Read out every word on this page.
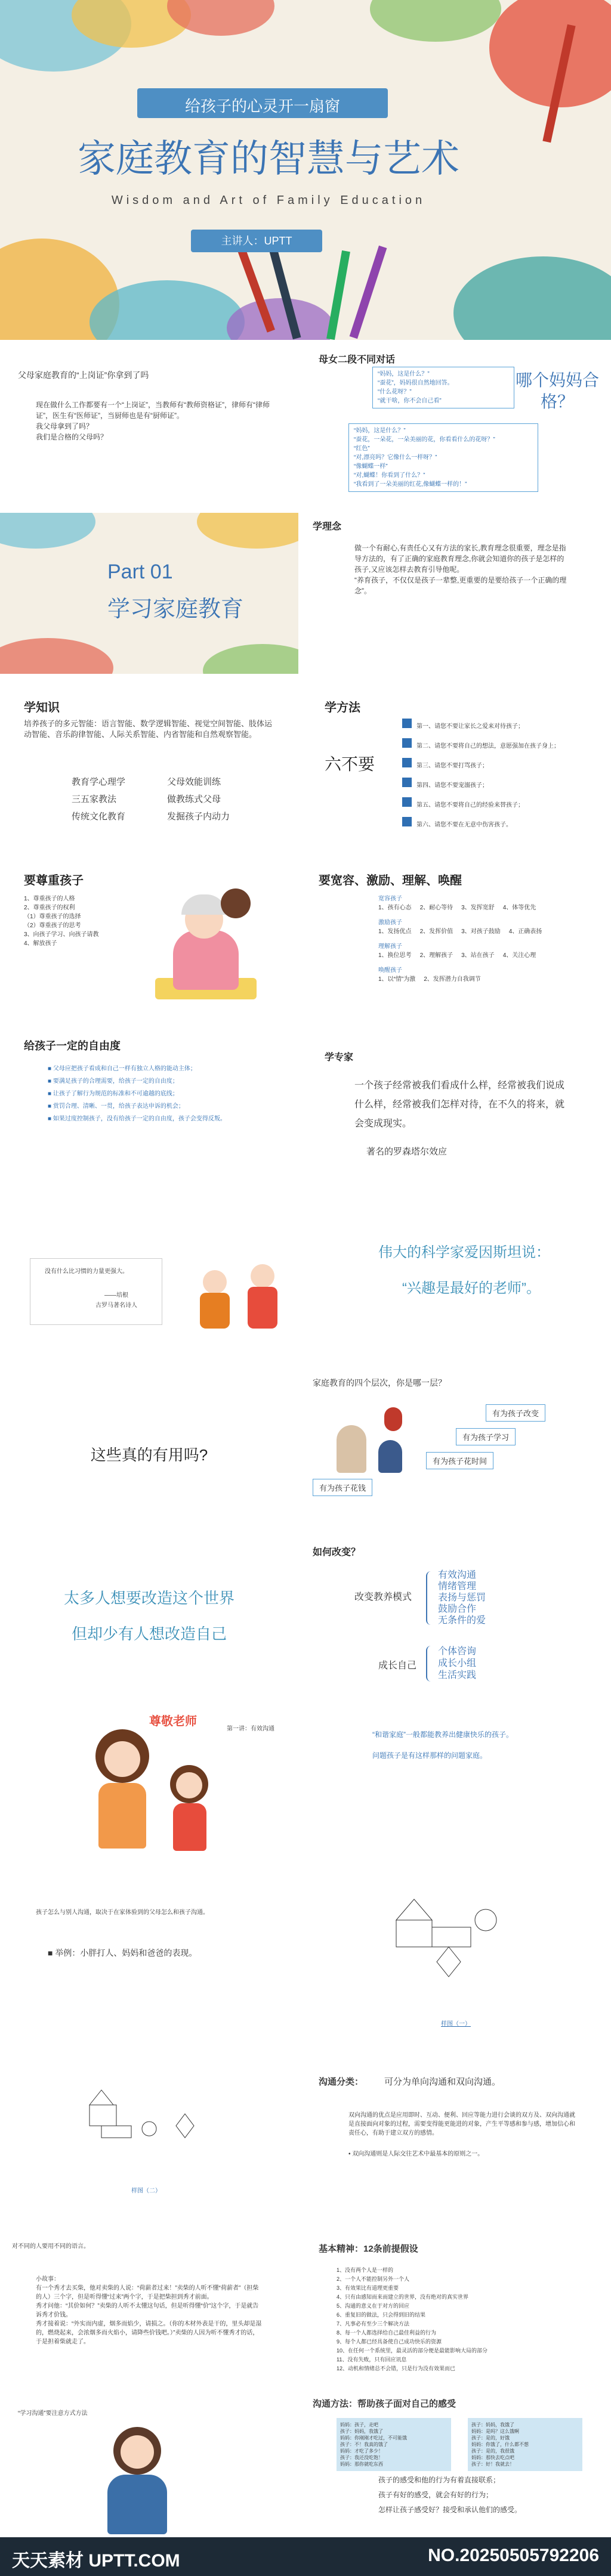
给孩子的心灵开一扇窗
家庭教育的智慧与艺术
Wisdom and Art of Family Education
主讲人：UPTT
父母家庭教育的“上岗证”你拿到了吗
现在做什么工作都要有一个“上岗证”，当教师有“教师资格证”，律师有“律师证”，医生有“医师证”，当厨师也是有“厨师证”。
我父母拿到了吗？
我们是合格的父母吗？
母女二段不同对话
“妈妈，这是什么？”
“蚕花”，妈妈很自然地回答。
“什么花呀？”
“就干啥，你不会自己看”
哪个妈妈合格？
“妈妈，这是什么？”
“蚕花，一朵花，一朵美丽的花，你看看什么的花呀？”
“红色”
“对,漂亮吗？它像什么一样呀？”
“像蝴蝶一样”
“对,蝴蝶！你看到了什么？”
“我看到了一朵美丽的红花,像蝴蝶一样的！”
Part 01
学习家庭教育
学理念
做一个有耐心,有责任心又有方法的家长,教育理念很重要，理念是指导方法的，有了正确的家庭教育理念,你就会知道你的孩子是怎样的孩子,又应该怎样去教育引导他呢。
“养育孩子，不仅仅是孩子一辈整,更重要的是要给孩子一个正确的理念”。
学知识
培养孩子的多元智能：语言智能、数学逻辑智能、视觉空间智能、肢体运动智能、音乐韵律智能、人际关系智能、内省智能和自然观察智能。
教育学心理学	父母效能训练
三五家教法	做教练式父母
传统文化教育	发掘孩子内动力
学方法
六不要
第一、请您不要让家长之爱来对待孩子；
第二、请您不要将自己的想法，意愿强加在孩子身上；
第三、请您不要打骂孩子；
第四、请您不要宠溺孩子；
第五、请您不要将自己的经验来替孩子；
第六、请您不要在无意中伤害孩子。
要尊重孩子
1、尊重孩子的人格
2、尊重孩子的权利
（1）尊重孩子的选择
（2）尊重孩子的思考
3、向孩子学习、向孩子请教
4、解放孩子
要宽容、激励、理解、唤醒
宽容孩子
1、孩有心态 2、耐心等待 3、发挥宽舒 4、体等优先
激励孩子
1、发扬优点 2、发挥价值 3、对孩子鼓励 4、正确表扬
理解孩子
1、换位思考 2、理解孩子 3、站在孩子 4、关注心理
唤醒孩子
1、以“情”为激 2、发挥潜力自我调节
给孩子一定的自由度
■ 父母应把孩子看成和自己一样有独立人格的能动主体；
■ 要满足孩子的合理需要，给孩子一定的自由度；
■ 让孩子了解行为规范的标准和不可逾越的底线；
■ 赏罚合理、清晰、一贯，给孩子表达申诉的机会；
■ 如果过度控制孩子，没有给孩子一定的自由度，孩子会变得反叛。
学专家
一个孩子经常被我们看成什么样，经常被我们说成什么样，经常被我们怎样对待，在不久的将来，就会变成现实。
著名的罗森塔尔效应
没有什么比习惯的力量更强大。
——培根
古罗马著名诗人
伟大的科学家爱因斯坦说：
“兴趣是最好的老师”。
这些真的有用吗?
家庭教育的四个层次，你是哪一层？
有为孩子改变
有为孩子学习
有为孩子花时间
有为孩子花钱
太多人想要改造这个世界
但却少有人想改造自己
如何改变？
改变教养模式
有效沟通
情绪管理
表扬与惩罚
鼓励合作
无条件的爱
成长自己
个体咨询
成长小组
生活实践
第一讲：有效沟通
尊敬老师
“和谐家庭”一般都能教养出健康快乐的孩子。
问题孩子是有这样那样的问题家庭。
孩子怎么与别人沟通，取决于在家体验到的父母怎么和孩子沟通。
■ 举例：小胖打人、妈妈和爸爸的表现。
样图（一）
样图（二）
沟通分类： 可分为单向沟通和双向沟通。
双向沟通的优点是应用即时、互动、便利、回应等能力进行会谈的双方及、双向沟通就是直接面向对象的过程，需要变得能更能进的对象，产生平等感和参与感，增加信心和责任心，有助于建立双方的感情。
• 双向沟通则是人际交往艺术中最基本的原则之一。
对不同的人要用不同的语言。
小故事：
有一个秀才去买柴，他对卖柴的人说：“荷薪者过来！”卖柴的人听不懂“荷薪者”（担柴的人）三个字，但是听得懂“过来”两个字，于是把柴担到秀才前面。
秀才问他：“其价如何？”卖柴的人听不太懂这句话，但是听得懂“价”这个字，于是就告诉秀才价钱。
秀才接着说：“外实而内虚，烟多而焰少，请损之。（你的木材外表是干的，里头却是湿的，燃烧起来，会浓烟多而火焰小，请降些价钱吧。）”卖柴的人因为听不懂秀才的话，于是担着柴就走了。
基本精神：12条前提假设
1、没有两个人是一样的
2、一个人不能控制另外一个人
3、有效果比有道理更重要
4、只有由感知而来而建立的世界，没有绝对的真实世界
5、沟通的意义在于对方的回应
6、重复旧的做法，只会得到旧的结果
7、凡事必有至少三个解决方法
8、每一个人都选择给自己最佳利益的行为
9、每个人都已经具备使自己成功快乐的资源
10、在任何一个系统里，最灵活的部分便是最能影响大局的部分
11、没有失败，只有回应讯息
12、动机和情绪总不会错，只是行为没有效果而已
“学习沟通”要注意方式方法
沟通方法：帮助孩子面对自己的感受
妈妈：孩子，走吧
孩子：妈妈，我饿了
妈妈：你刚刚才吃过，不可能饿
孩子：不！我真的饿了
妈妈：才吃了多少！
孩子：我还没吃饱！
妈妈：那你就吃东西
孩子：妈妈，我饿了
妈妈：是吗？这么饿啊
孩子：是的，好饿
妈妈：你饿了，什么都不想
孩子：是的，我很饿
妈妈：那快去吃点吧
孩子：好！我就去！
孩子的感受和他的行为有着直接联系；
孩子有好的感受，就会有好的行为；
怎样让孩子感受好？接受和承认他们的感受。
天天素材 UPTT.COM	NO.20250505792206
